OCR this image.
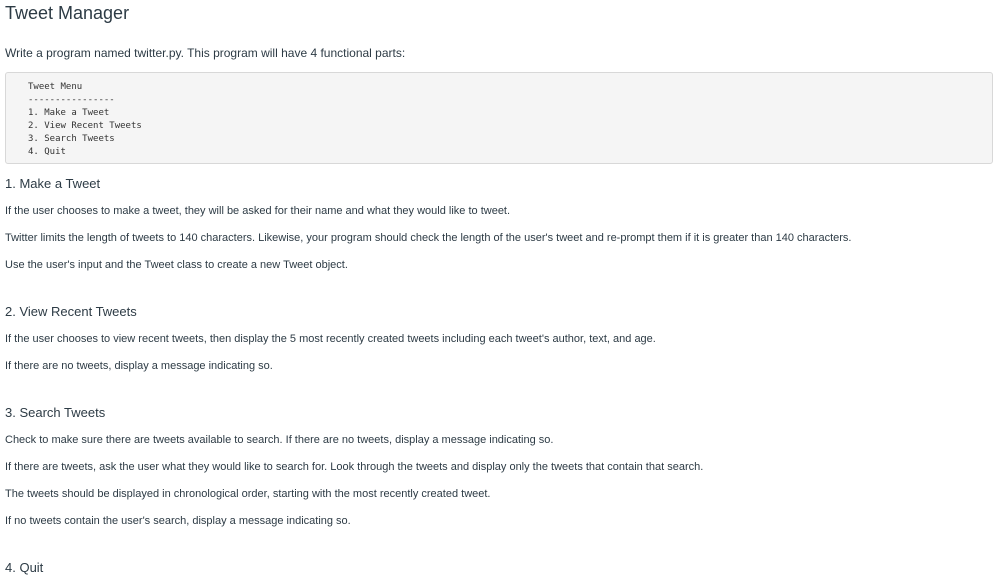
Tweet Manager

Write a program named twitter.py. This program will have 4 functional parts:

Tweet Menu
----------------
1. Make a Tweet
2. View Recent Tweets
3. Search Tweets
4. Quit
1. Make a Tweet

If the user chooses to make a tweet, they will be asked for their name and what they would like to tweet.

Twitter limits the length of tweets to 140 characters. Likewise, your program should check the length of the user's tweet and re-prompt them if it is greater than 140 characters.

Use the user's input and the Tweet class to create a new Tweet object.

2. View Recent Tweets

If the user chooses to view recent tweets, then display the 5 most recently created tweets including each tweet's author, text, and age.

If there are no tweets, display a message indicating so.

3. Search Tweets

Check to make sure there are tweets available to search. If there are no tweets, display a message indicating so.

If there are tweets, ask the user what they would like to search for. Look through the tweets and display only the tweets that contain that search.

The tweets should be displayed in chronological order, starting with the most recently created tweet.

If no tweets contain the user's search, display a message indicating so.

4. Quit
